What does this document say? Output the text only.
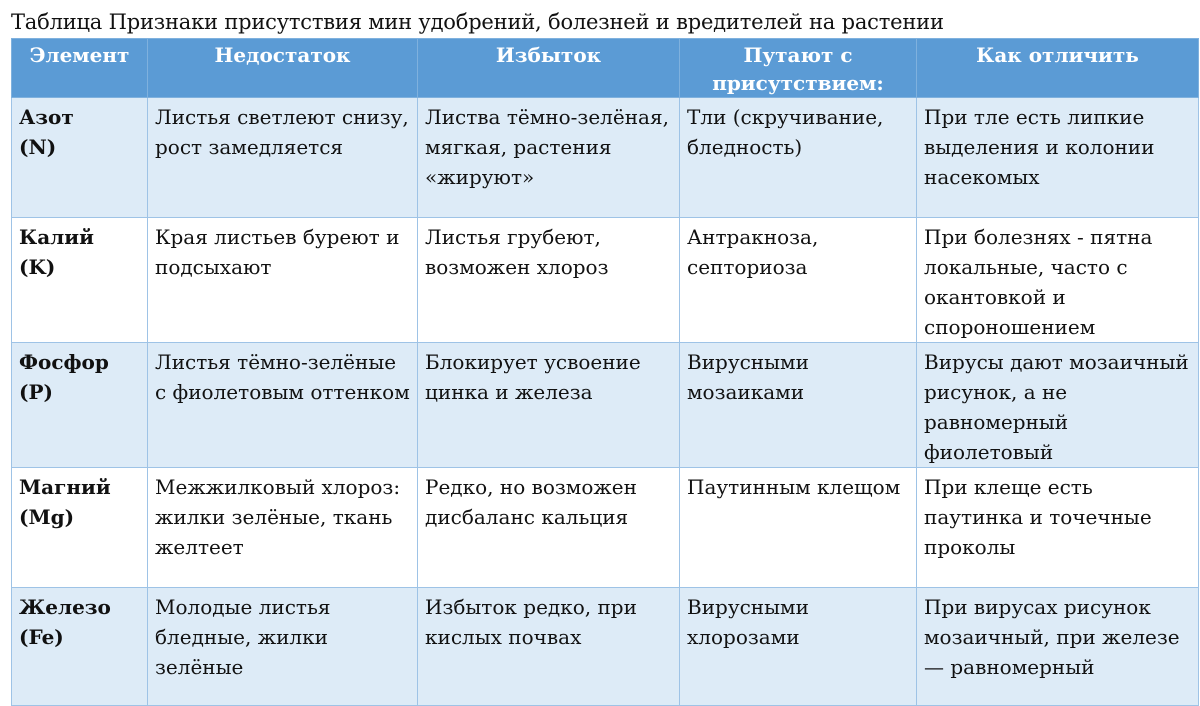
Таблица Признаки присутствия мин удобрений, болезней и вредителей на растении
Элемент	Недостаток	Избыток	Путают с
присутствием:	Как отличить

Азот
(N)	Листья светлеют снизу, рост замедляется	Листва тёмно-зелёная, мягкая, растения «жируют»	Тли (скручивание, бледность)	При тле есть липкие выделения и колонии насекомых

Калий
(K)	Края листьев буреют и подсыхают	Листья грубеют, возможен хлороз	Антракноза, септориоза	При болезнях - пятна локальные, часто с окантовкой и спороношением

Фосфор
(P)	Листья тёмно-зелёные с фиолетовым оттенком	Блокирует усвоение цинка и железа	Вирусными мозаиками	Вирусы дают мозаичный рисунок, а не равномерный фиолетовый

Магний
(Mg)	Межжилковый хлороз: жилки зелёные, ткань желтеет	Редко, но возможен дисбаланс кальция	Паутинным клещом	При клеще есть паутинка и точечные проколы

Железо
(Fe)	Молодые листья бледные, жилки зелёные	Избыток редко, при кислых почвах	Вирусными хлорозами	При вирусах рисунок мозаичный, при железе — равномерный
